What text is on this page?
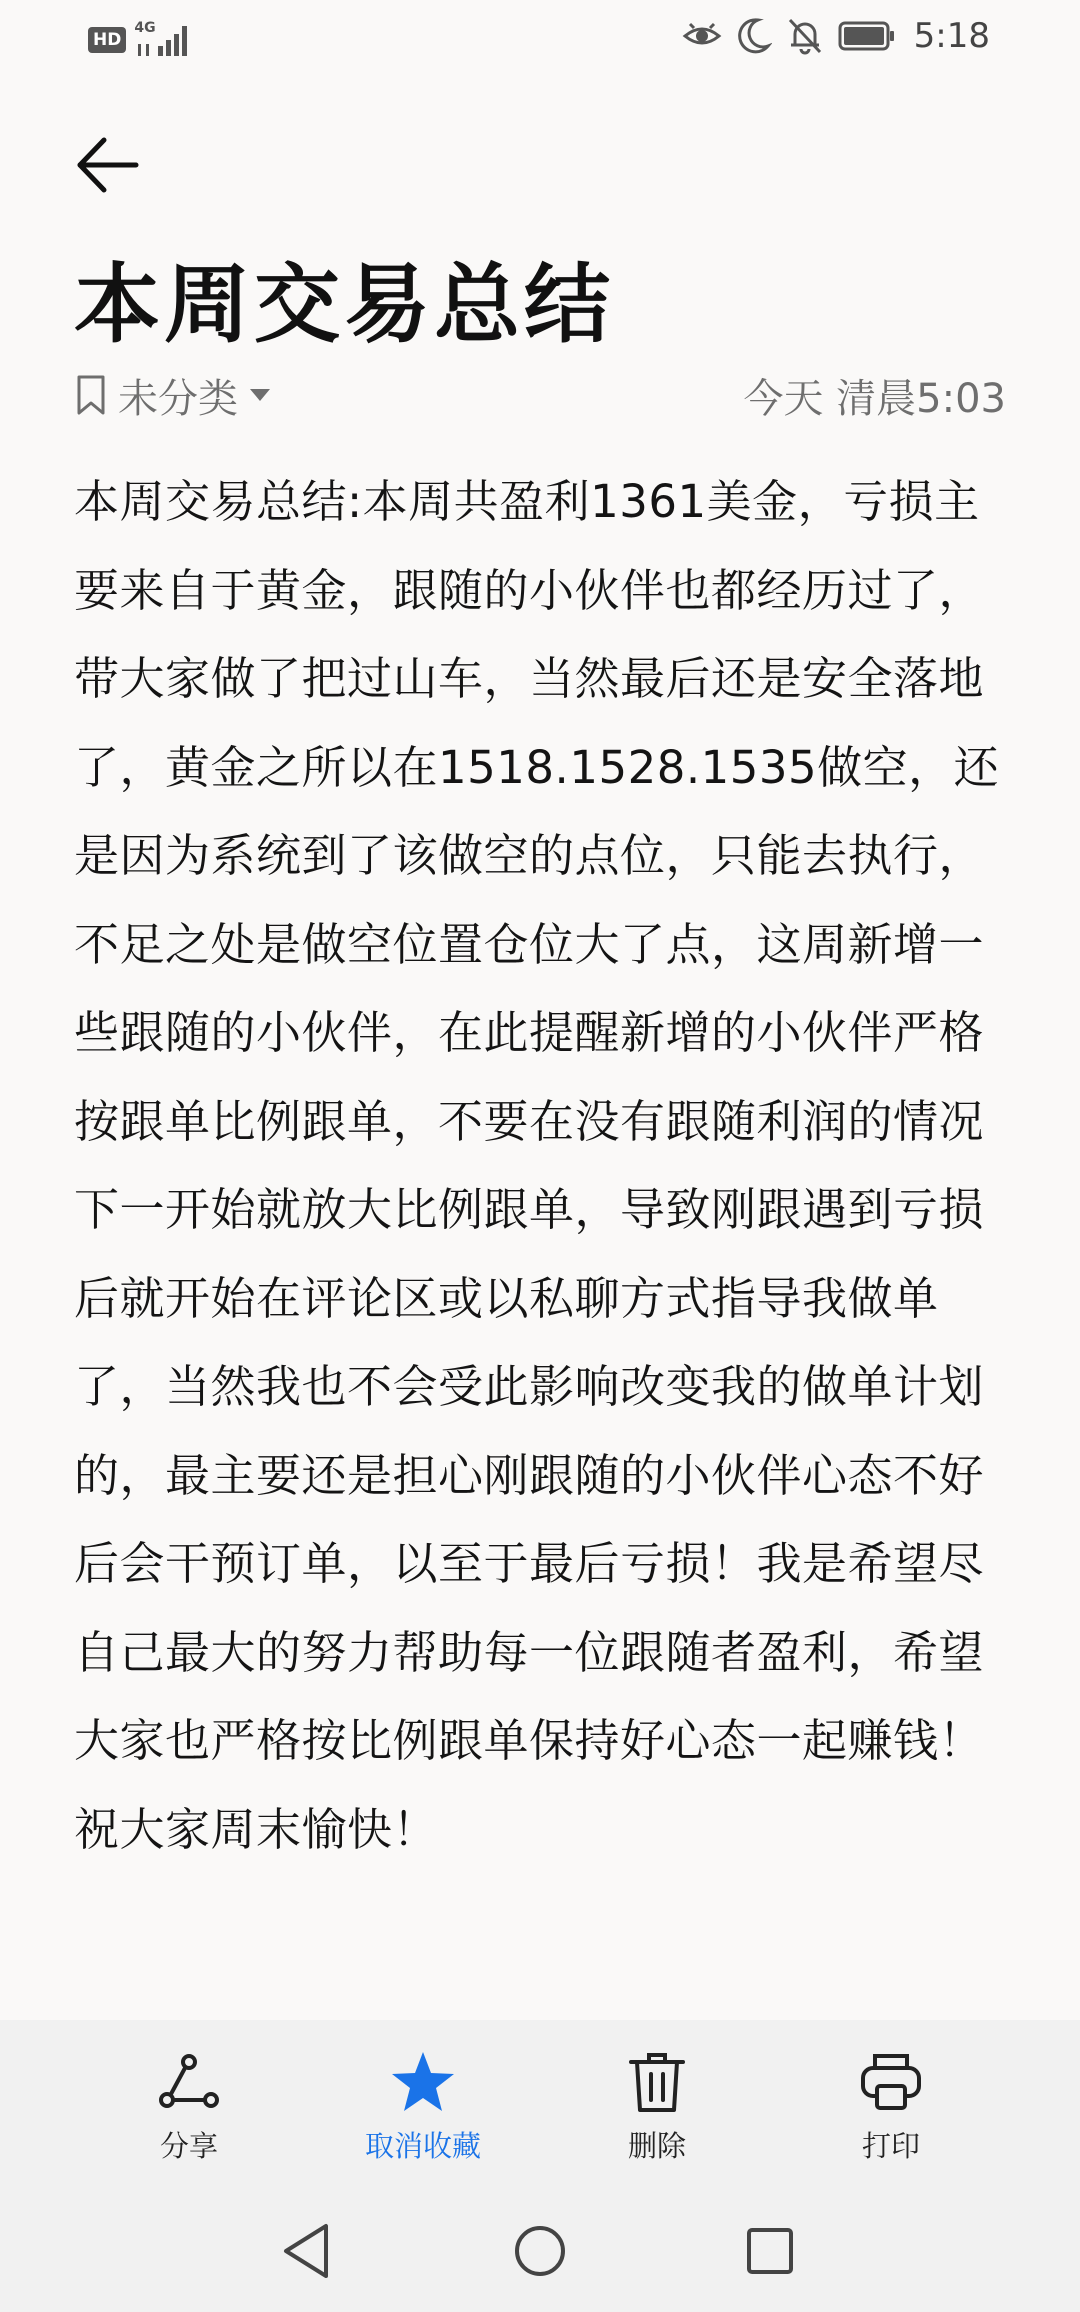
HD
4G	5:18
本周交易总结
未分类	今天 清晨5:03
本周交易总结:本周共盈利1361美金，亏损主要来自于黄金，跟随的小伙伴也都经历过了，带大家做了把过山车，当然最后还是安全落地了，黄金之所以在1518.1528.1535做空，还是因为系统到了该做空的点位，只能去执行，不足之处是做空位置仓位大了点，这周新增一些跟随的小伙伴，在此提醒新增的小伙伴严格按跟单比例跟单，不要在没有跟随利润的情况下一开始就放大比例跟单，导致刚跟遇到亏损后就开始在评论区或以私聊方式指导我做单了，当然我也不会受此影响改变我的做单计划的，最主要还是担心刚跟随的小伙伴心态不好后会干预订单，以至于最后亏损！我是希望尽自己最大的努力帮助每一位跟随者盈利，希望大家也严格按比例跟单保持好心态一起赚钱！祝大家周末愉快！
分享	取消收藏	删除	打印
